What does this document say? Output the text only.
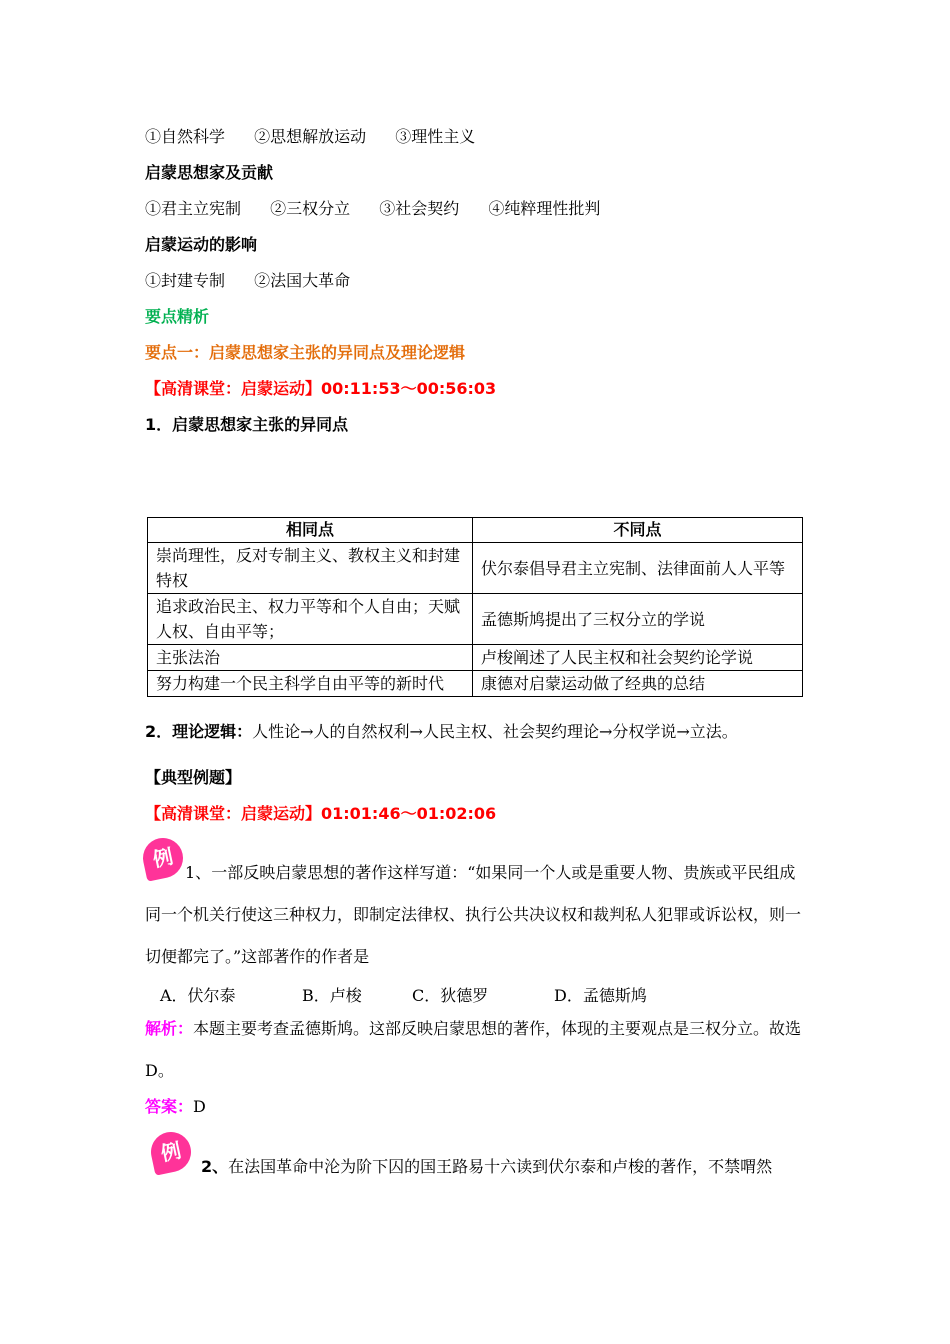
①自然科学 ②思想解放运动 ③理性主义
启蒙思想家及贡献
①君主立宪制 ②三权分立 ③社会契约 ④纯粹理性批判
启蒙运动的影响
①封建专制 ②法国大革命
要点精析
要点一：启蒙思想家主张的异同点及理论逻辑
【高清课堂：启蒙运动】00:11:53～00:56:03
1．启蒙思想家主张的异同点
相同点	不同点
崇尚理性，反对专制主义、教权主义和封建特权	伏尔泰倡导君主立宪制、法律面前人人平等
追求政治民主、权力平等和个人自由；天赋人权、自由平等；	孟德斯鸠提出了三权分立的学说
主张法治	卢梭阐述了人民主权和社会契约论学说
努力构建一个民主科学自由平等的新时代	康德对启蒙运动做了经典的总结
2．理论逻辑：人性论→人的自然权利→人民主权、社会契约理论→分权学说→立法。
【典型例题】
【高清课堂：启蒙运动】01:01:46～01:02:06
例
1、一部反映启蒙思想的著作这样写道：“如果同一个人或是重要人物、贵族或平民组成同一个机关行使这三种权力，即制定法律权、执行公共决议权和裁判私人犯罪或诉讼权，则一切便都完了。”这部著作的作者是
A．伏尔泰	B．卢梭	C．狄德罗	D．孟德斯鸠
解析：本题主要考查孟德斯鸠。这部反映启蒙思想的著作，体现的主要观点是三权分立。故选D。
答案：D
例
2、在法国革命中沦为阶下囚的国王路易十六读到伏尔泰和卢梭的著作，不禁喟然
